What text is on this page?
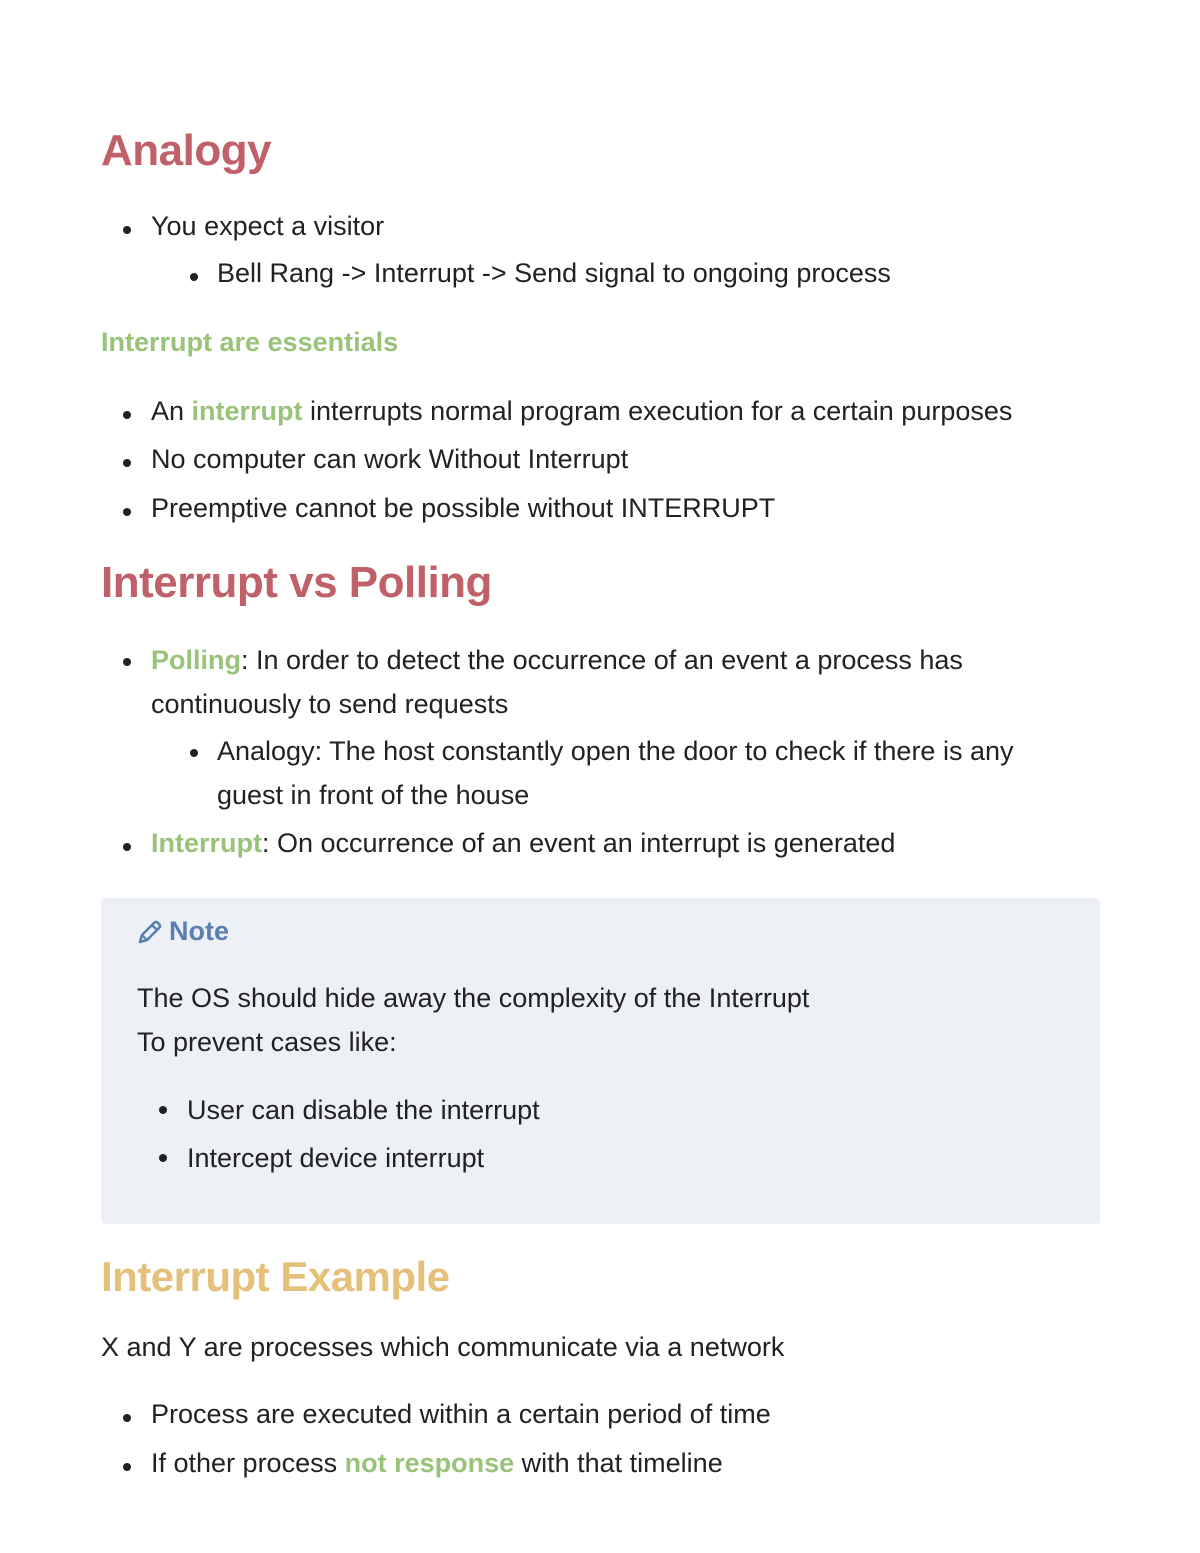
Analogy
You expect a visitor
Bell Rang -> Interrupt -> Send signal to ongoing process
Interrupt are essentials
An interrupt interrupts normal program execution for a certain purposes
No computer can work Without Interrupt
Preemptive cannot be possible without INTERRUPT
Interrupt vs Polling
Polling: In order to detect the occurrence of an event a process has
continuously to send requests
Analogy: The host constantly open the door to check if there is any
guest in front of the house
Interrupt: On occurrence of an event an interrupt is generated
Note
The OS should hide away the complexity of the Interrupt
To prevent cases like:
User can disable the interrupt
Intercept device interrupt
Interrupt Example
X and Y are processes which communicate via a network
Process are executed within a certain period of time
If other process not response with that timeline
